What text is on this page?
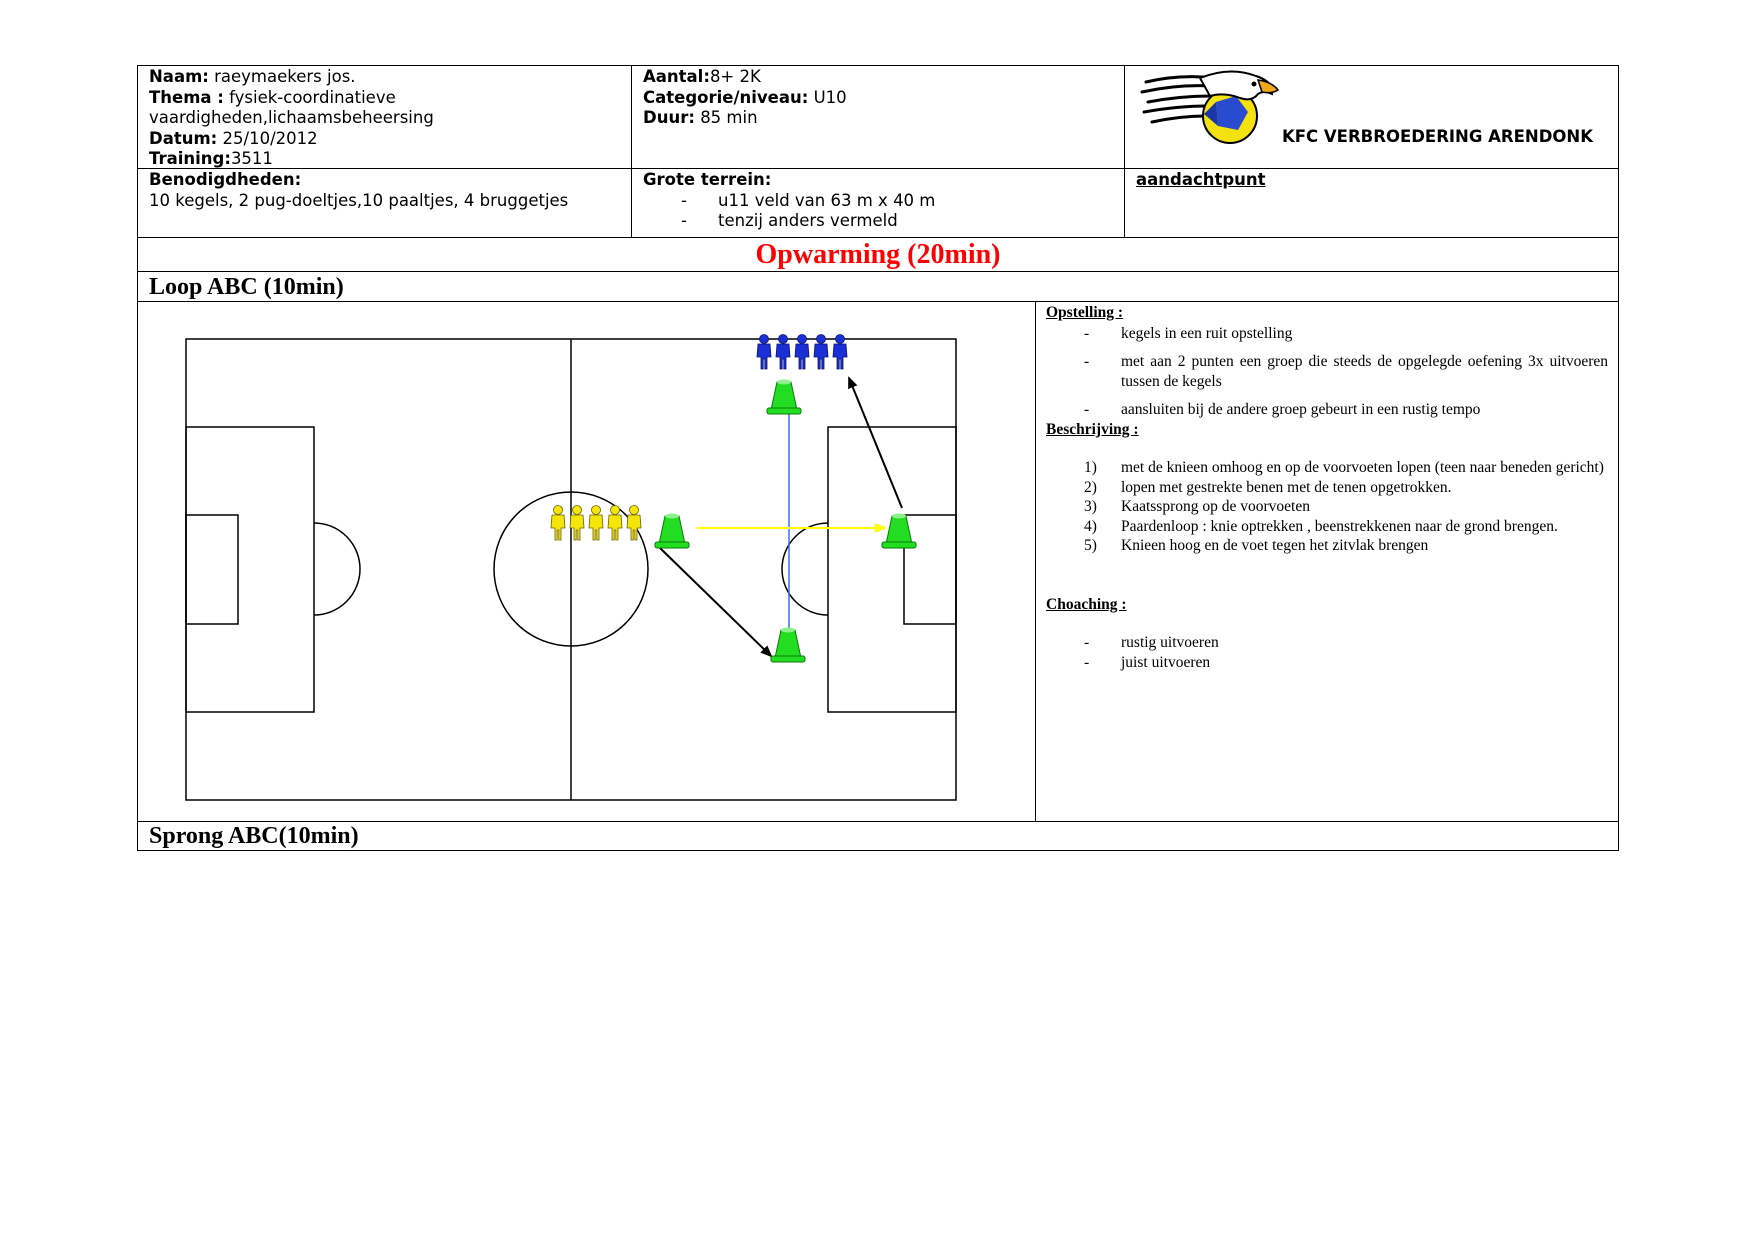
Naam: raeymaekers jos.
Thema : fysiek-coordinatieve
vaardigheden,lichaamsbeheersing
Datum: 25/10/2012
Training:3511
Aantal:8+ 2K
Categorie/niveau: U10
Duur: 85 min
KFC VERBROEDERING ARENDONK
Benodigdheden:
10 kegels, 2 pug-doeltjes,10 paaltjes, 4 bruggetjes
Grote terrein:
- u11 veld van 63 m x 40 m
- tenzij anders vermeld
aandachtpunt
Opwarming (20min)
Loop ABC (10min)
Sprong ABC(10min)
Opstelling :
- kegels in een ruit opstelling
- met aan 2 punten een groep die steeds de opgelegde oefening 3x uitvoeren tussen de kegels
- aansluiten bij de andere groep gebeurt in een rustig tempo
Beschrijving :
1) met de knieen omhoog en op de voorvoeten lopen (teen naar beneden gericht)
2) lopen met gestrekte benen met de tenen opgetrokken.
3) Kaatssprong op de voorvoeten
4) Paardenloop : knie optrekken , beenstrekkenen naar de grond brengen.
5) Knieen hoog en de voet tegen het zitvlak brengen
Choaching :
- rustig uitvoeren
- juist uitvoeren
